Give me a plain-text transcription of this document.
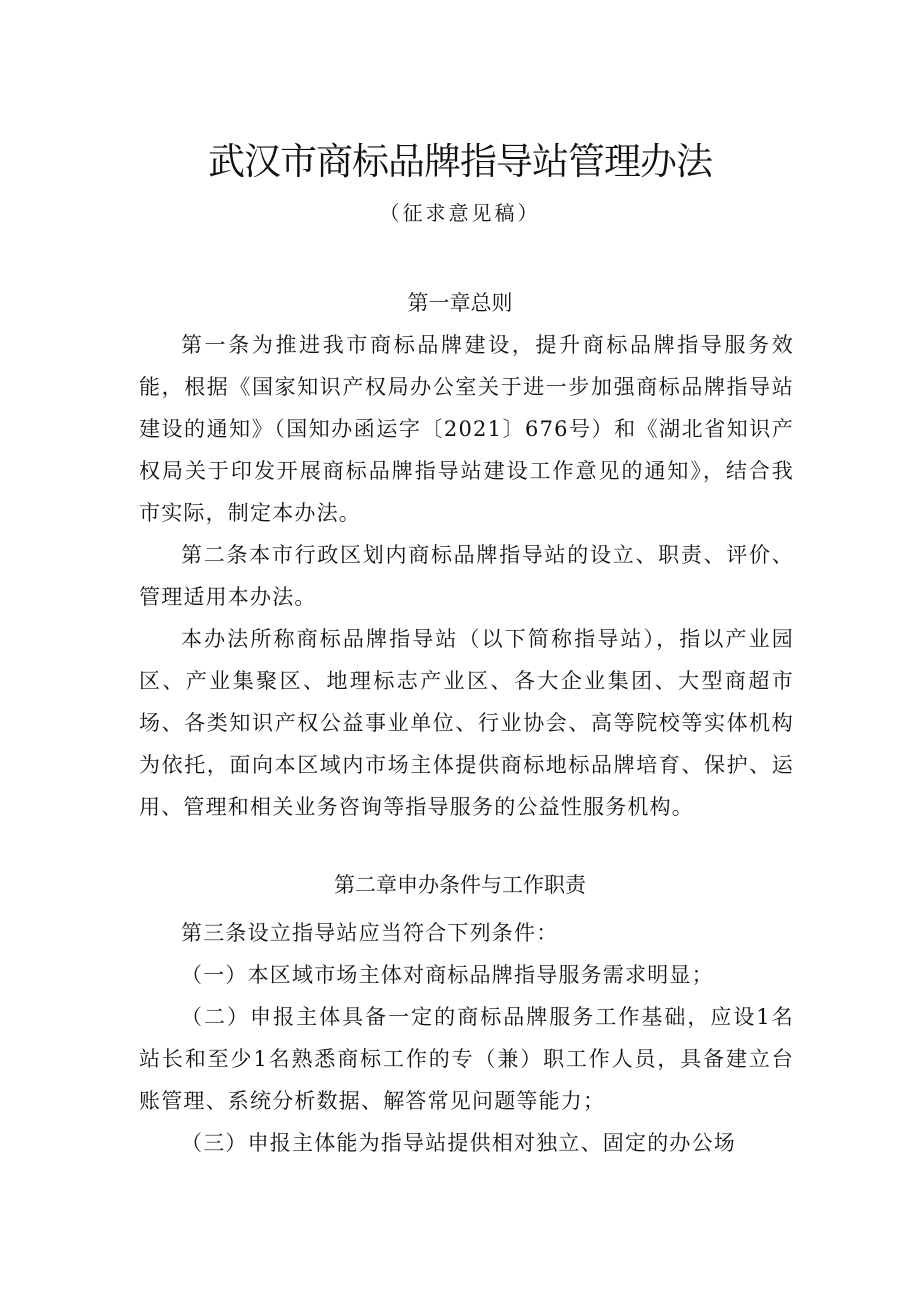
武汉市商标品牌指导站管理办法
（征求意见稿）
第一章总则

第一条为推进我市商标品牌建设，提升商标品牌指导服务效能，根据《国家知识产权局办公室关于进一步加强商标品牌指导站建设的通知》（国知办函运字〔2021〕676号）和《湖北省知识产权局关于印发开展商标品牌指导站建设工作意见的通知》，结合我市实际，制定本办法。

第二条本市行政区划内商标品牌指导站的设立、职责、评价、管理适用本办法。

本办法所称商标品牌指导站（以下简称指导站），指以产业园区、产业集聚区、地理标志产业区、各大企业集团、大型商超市场、各类知识产权公益事业单位、行业协会、高等院校等实体机构为依托，面向本区域内市场主体提供商标地标品牌培育、保护、运用、管理和相关业务咨询等指导服务的公益性服务机构。

第二章申办条件与工作职责

第三条设立指导站应当符合下列条件：

（一）本区域市场主体对商标品牌指导服务需求明显；

（二）申报主体具备一定的商标品牌服务工作基础，应设1名站长和至少1名熟悉商标工作的专（兼）职工作人员，具备建立台账管理、系统分析数据、解答常见问题等能力；

（三）申报主体能为指导站提供相对独立、固定的办公场
